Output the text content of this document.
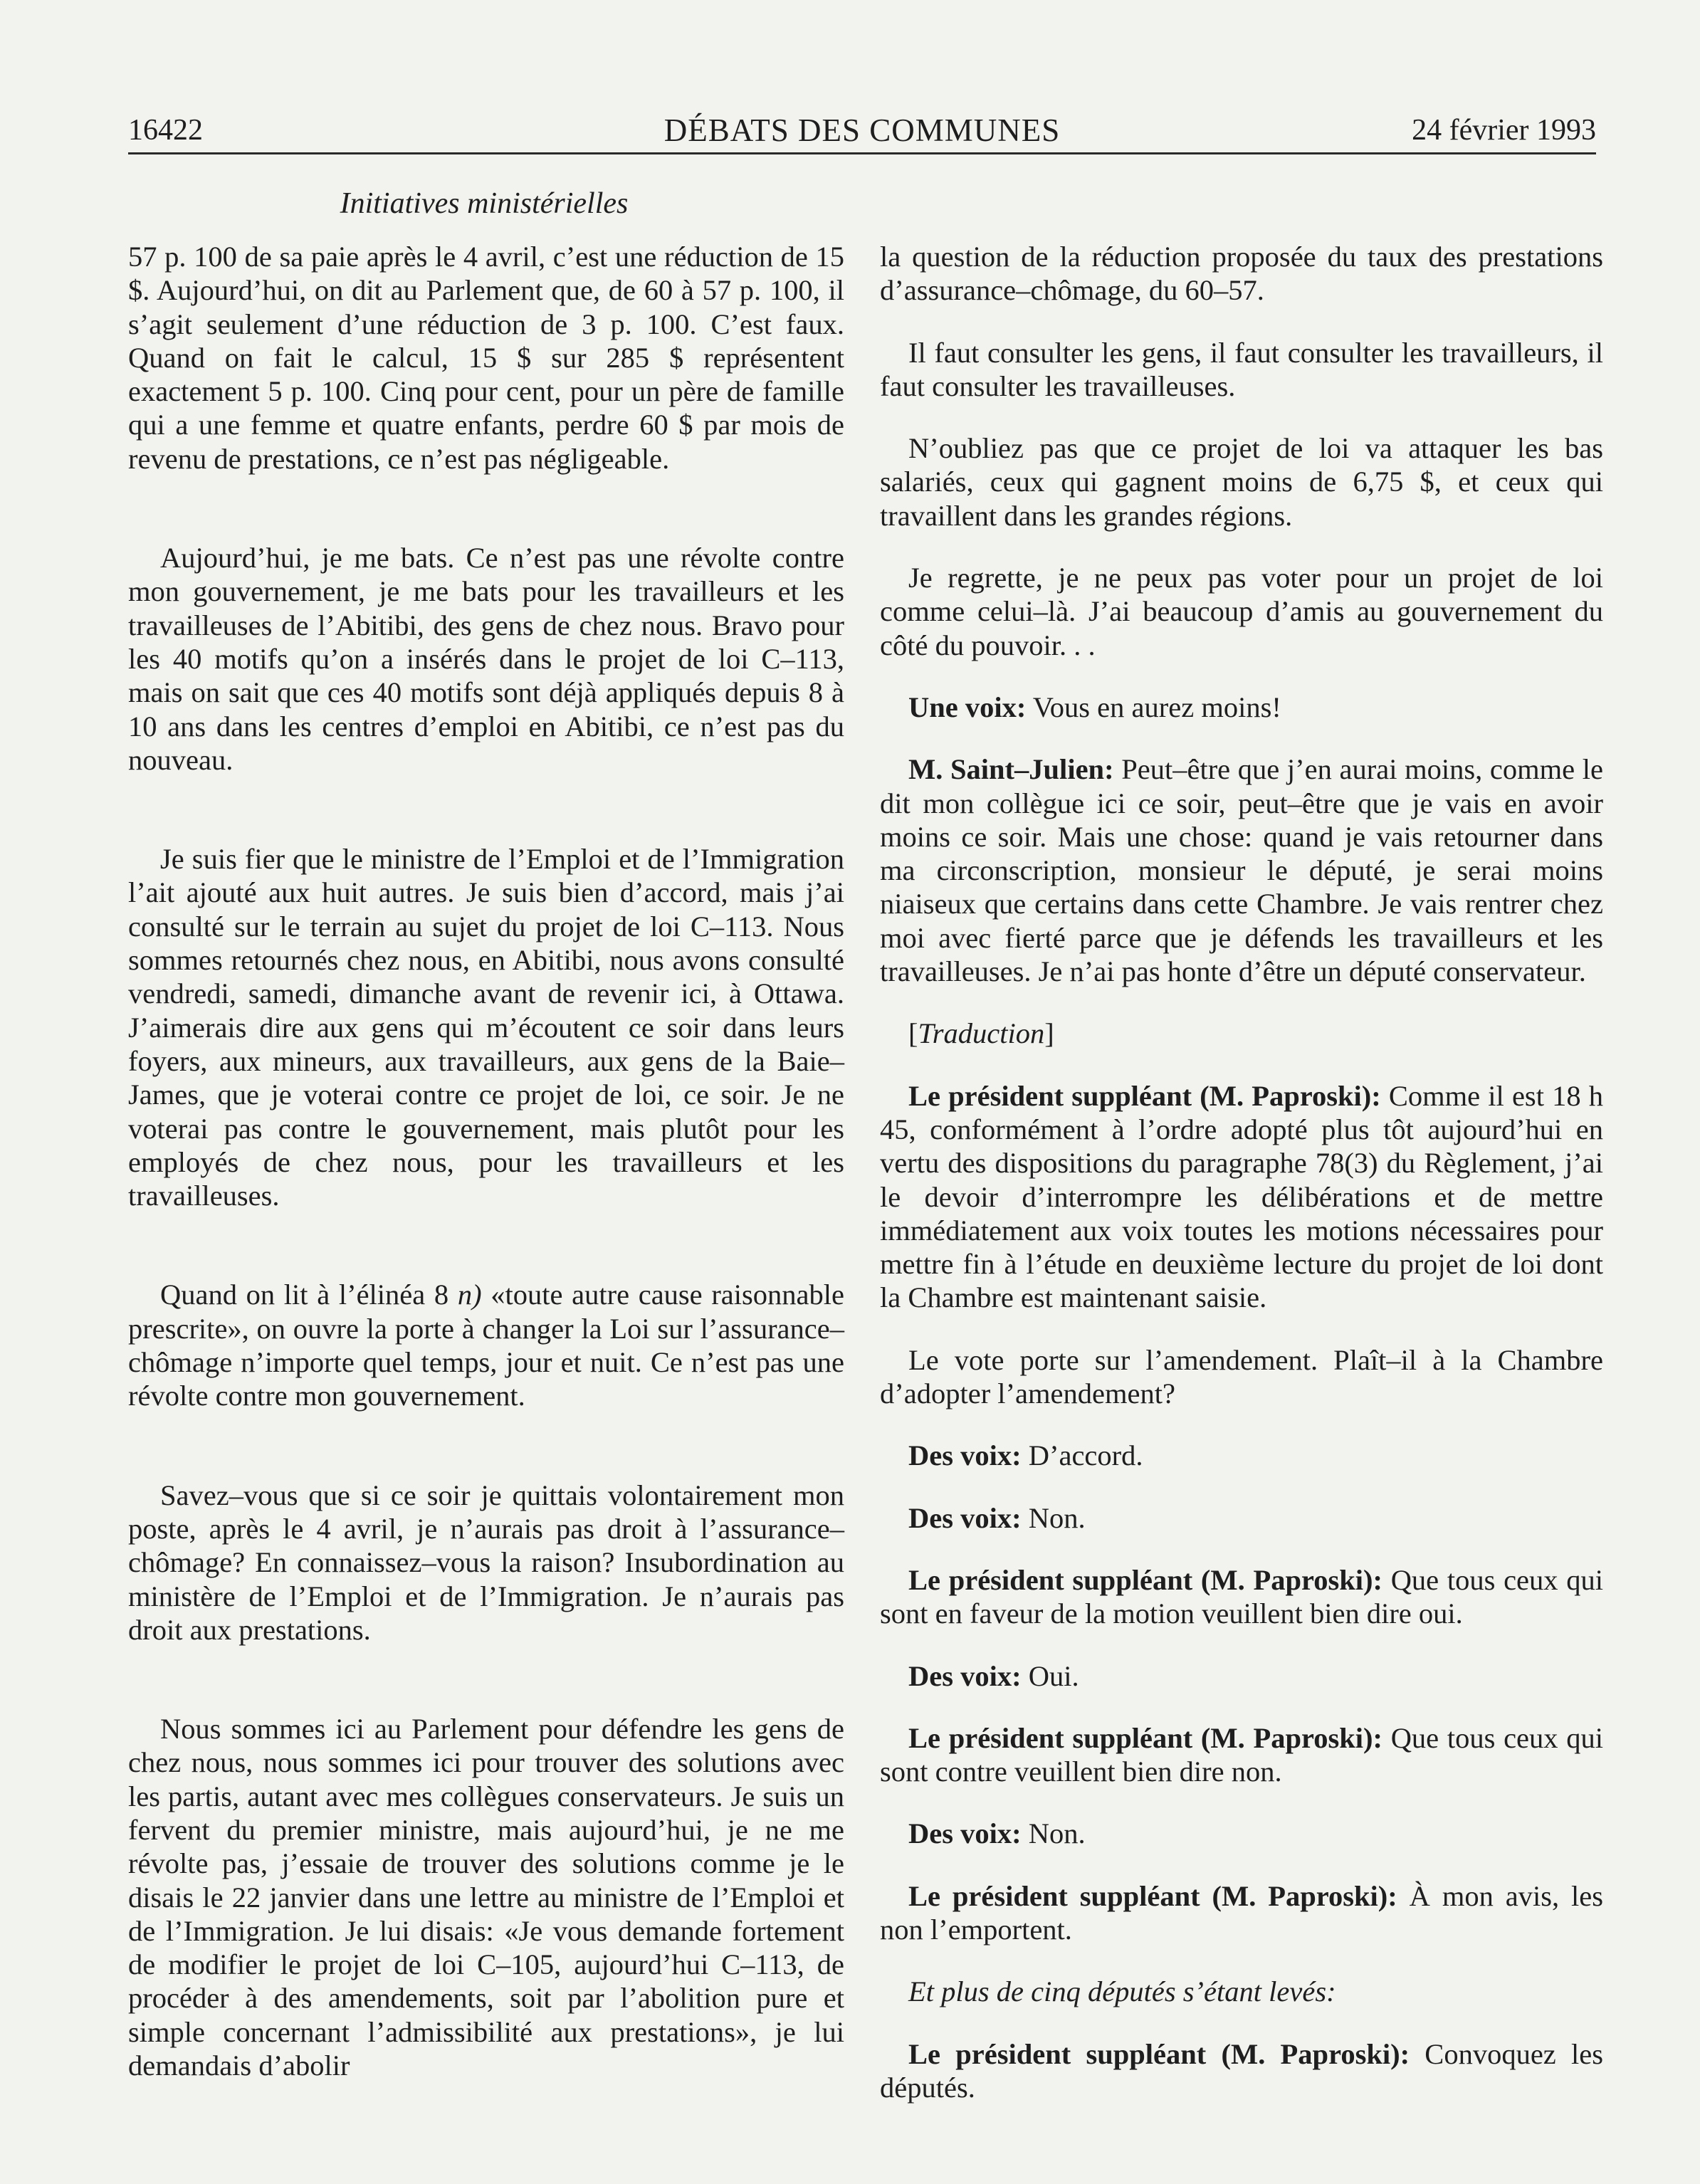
16422	DÉBATS DES COMMUNES	24 février 1993
Initiatives ministérielles

57 p. 100 de sa paie après le 4 avril, c’est une réduction de 15 $. Aujourd’hui, on dit au Parlement que, de 60 à 57 p. 100, il s’agit seulement d’une réduction de 3 p. 100. C’est faux. Quand on fait le calcul, 15 $ sur 285 $ représentent exactement 5 p. 100. Cinq pour cent, pour un père de famille qui a une femme et quatre enfants, perdre 60 $ par mois de revenu de prestations, ce n’est pas négligeable.

Aujourd’hui, je me bats. Ce n’est pas une révolte contre mon gouvernement, je me bats pour les travailleurs et les travailleuses de l’Abitibi, des gens de chez nous. Bravo pour les 40 motifs qu’on a insérés dans le projet de loi C–113, mais on sait que ces 40 motifs sont déjà appliqués depuis 8 à 10 ans dans les centres d’emploi en Abitibi, ce n’est pas du nouveau.

Je suis fier que le ministre de l’Emploi et de l’Immigration l’ait ajouté aux huit autres. Je suis bien d’accord, mais j’ai consulté sur le terrain au sujet du projet de loi C–113. Nous sommes retournés chez nous, en Abitibi, nous avons consulté vendredi, samedi, dimanche avant de revenir ici, à Ottawa. J’aimerais dire aux gens qui m’écoutent ce soir dans leurs foyers, aux mineurs, aux travailleurs, aux gens de la Baie–James, que je voterai contre ce projet de loi, ce soir. Je ne voterai pas contre le gouvernement, mais plutôt pour les employés de chez nous, pour les travailleurs et les travailleuses.

Quand on lit à l’élinéa 8 n) «toute autre cause raisonnable prescrite», on ouvre la porte à changer la Loi sur l’assurance–chômage n’importe quel temps, jour et nuit. Ce n’est pas une révolte contre mon gouvernement.

Savez–vous que si ce soir je quittais volontairement mon poste, après le 4 avril, je n’aurais pas droit à l’assurance–chômage? En connaissez–vous la raison? Insubordination au ministère de l’Emploi et de l’Immigration. Je n’aurais pas droit aux prestations.

Nous sommes ici au Parlement pour défendre les gens de chez nous, nous sommes ici pour trouver des solutions avec les partis, autant avec mes collègues conservateurs. Je suis un fervent du premier ministre, mais aujourd’hui, je ne me révolte pas, j’essaie de trouver des solutions comme je le disais le 22 janvier dans une lettre au ministre de l’Emploi et de l’Immigration. Je lui disais: «Je vous demande fortement de modifier le projet de loi C–105, aujourd’hui C–113, de procéder à des amendements, soit par l’abolition pure et simple concernant l’admissibilité aux prestations», je lui demandais d’abolir

la question de la réduction proposée du taux des prestations d’assurance–chômage, du 60–57.

Il faut consulter les gens, il faut consulter les travailleurs, il faut consulter les travailleuses.

N’oubliez pas que ce projet de loi va attaquer les bas salariés, ceux qui gagnent moins de 6,75 $, et ceux qui travaillent dans les grandes régions.

Je regrette, je ne peux pas voter pour un projet de loi comme celui–là. J’ai beaucoup d’amis au gouvernement du côté du pouvoir. . .

Une voix: Vous en aurez moins!

M. Saint–Julien: Peut–être que j’en aurai moins, comme le dit mon collègue ici ce soir, peut–être que je vais en avoir moins ce soir. Mais une chose: quand je vais retourner dans ma circonscription, monsieur le député, je serai moins niaiseux que certains dans cette Chambre. Je vais rentrer chez moi avec fierté parce que je défends les travailleurs et les travailleuses. Je n’ai pas honte d’être un député conservateur.

[Traduction]

Le président suppléant (M. Paproski): Comme il est 18 h 45, conformément à l’ordre adopté plus tôt aujourd’hui en vertu des dispositions du paragraphe 78(3) du Règlement, j’ai le devoir d’interrompre les délibérations et de mettre immédiatement aux voix toutes les motions nécessaires pour mettre fin à l’étude en deuxième lecture du projet de loi dont la Chambre est maintenant saisie.

Le vote porte sur l’amendement. Plaît–il à la Chambre d’adopter l’amendement?

Des voix: D’accord.

Des voix: Non.

Le président suppléant (M. Paproski): Que tous ceux qui sont en faveur de la motion veuillent bien dire oui.

Des voix: Oui.

Le président suppléant (M. Paproski): Que tous ceux qui sont contre veuillent bien dire non.

Des voix: Non.

Le président suppléant (M. Paproski): À mon avis, les non l’emportent.

Et plus de cinq députés s’étant levés:

Le président suppléant (M. Paproski): Convoquez les députés.
